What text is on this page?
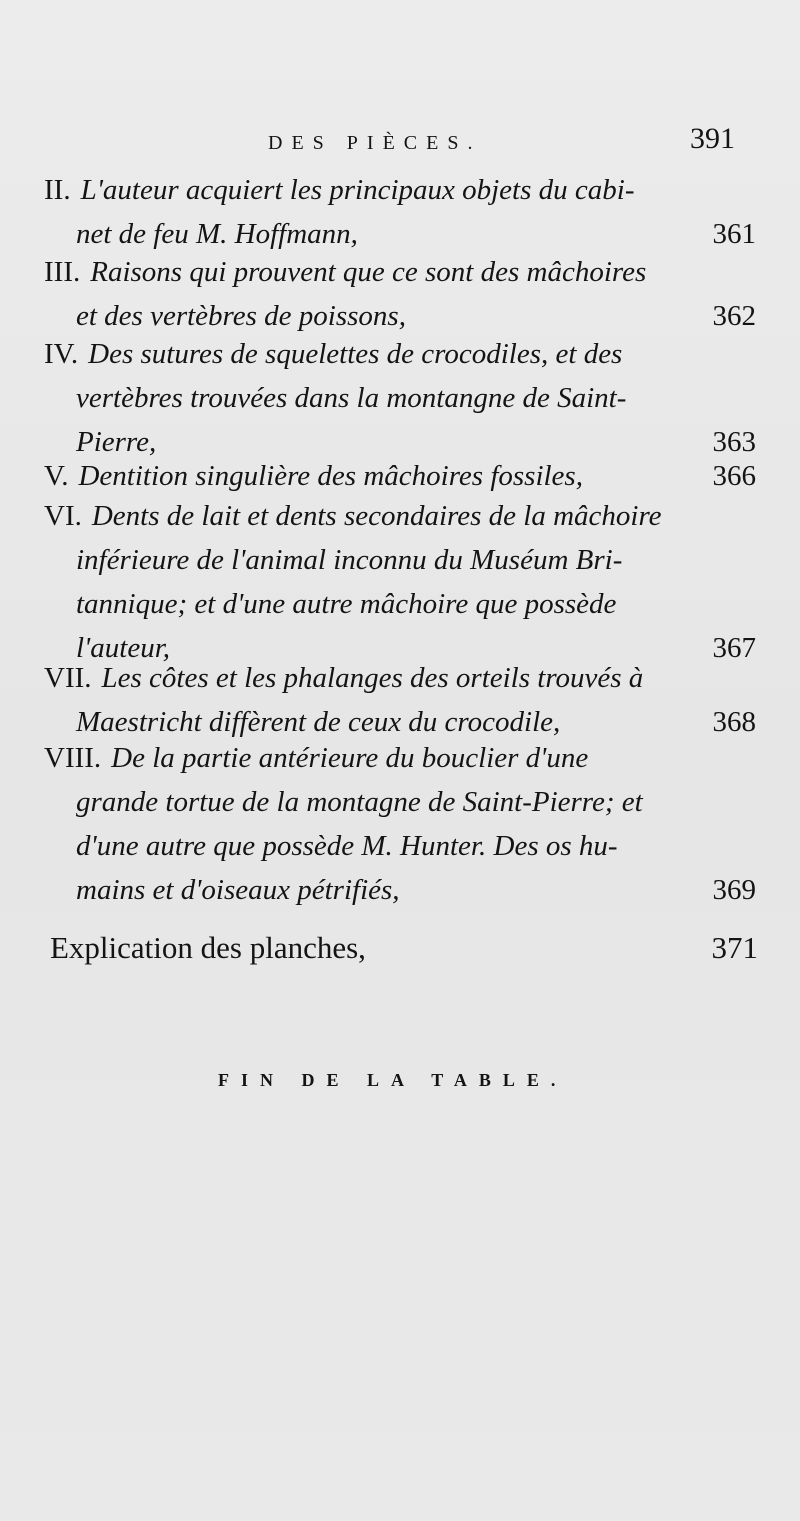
DES PIÈCES.	391
II. L'auteur acquiert les principaux objets du cabi-
net de feu M. Hoffmann,	361
III. Raisons qui prouvent que ce sont des mâchoires
et des vertèbres de poissons,	362
IV. Des sutures de squelettes de crocodiles, et des
vertèbres trouvées dans la montangne de Saint-
Pierre,	363
V. Dentition singulière des mâchoires fossiles,	366
VI. Dents de lait et dents secondaires de la mâchoire
inférieure de l'animal inconnu du Muséum Bri-
tannique; et d'une autre mâchoire que possède
l'auteur,	367
VII. Les côtes et les phalanges des orteils trouvés à
Maestricht diffèrent de ceux du crocodile,	368
VIII. De la partie antérieure du bouclier d'une
grande tortue de la montagne de Saint-Pierre; et
d'une autre que possède M. Hunter. Des os hu-
mains et d'oiseaux pétrifiés,	369
Explication des planches,	371
FIN DE LA TABLE.
